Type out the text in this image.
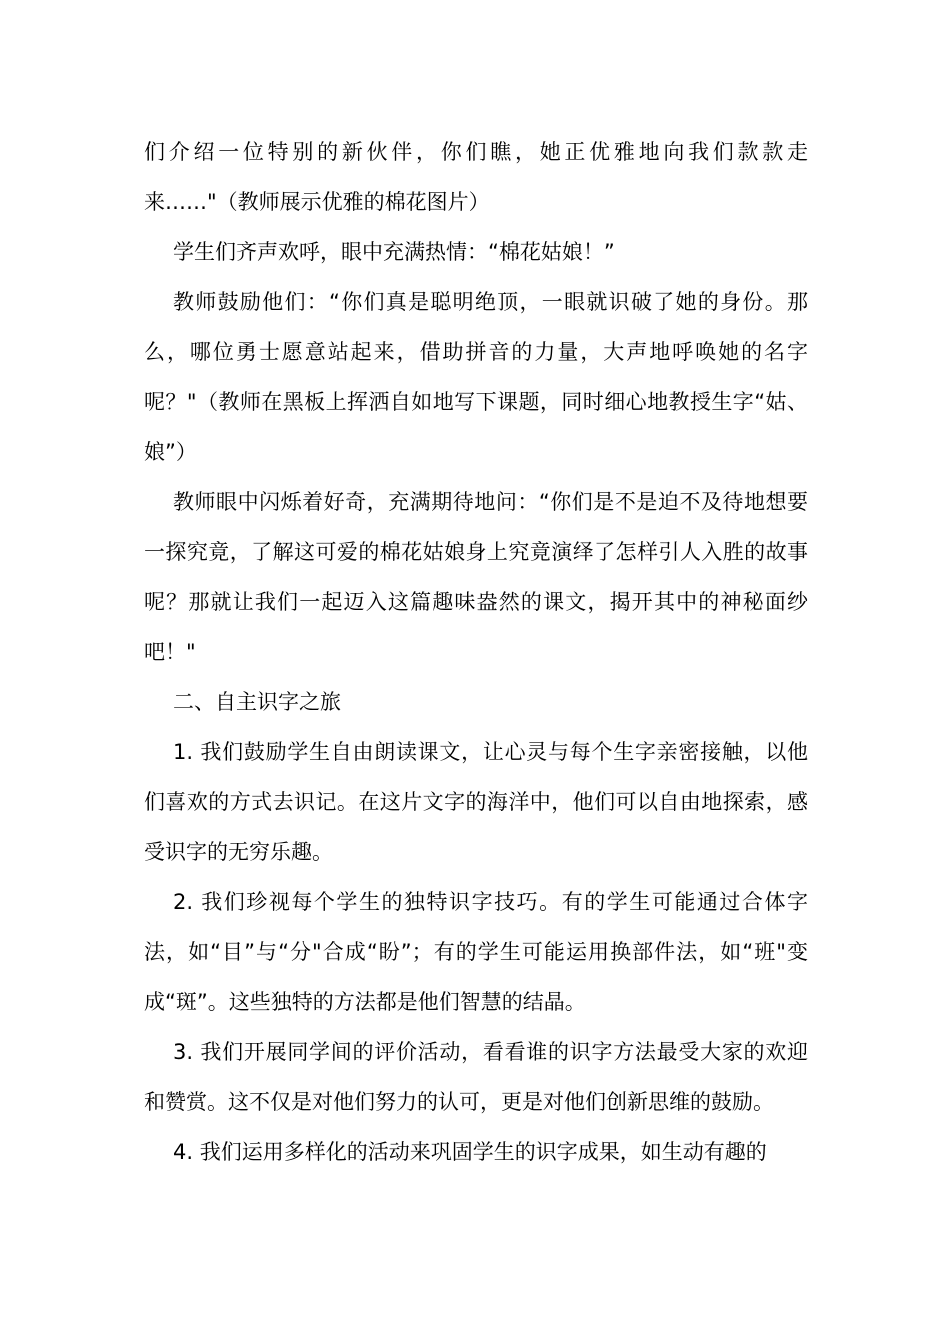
们介绍一位特别的新伙伴，你们瞧，她正优雅地向我们款款走来……"（教师展示优雅的棉花图片）

学生们齐声欢呼，眼中充满热情：“棉花姑娘！”

教师鼓励他们：“你们真是聪明绝顶，一眼就识破了她的身份。那么，哪位勇士愿意站起来，借助拼音的力量，大声地呼唤她的名字呢？"（教师在黑板上挥洒自如地写下课题，同时细心地教授生字“姑、娘”）

教师眼中闪烁着好奇，充满期待地问：“你们是不是迫不及待地想要一探究竟，了解这可爱的棉花姑娘身上究竟演绎了怎样引人入胜的故事呢？那就让我们一起迈入这篇趣味盎然的课文，揭开其中的神秘面纱吧！"

二、自主识字之旅

1. 我们鼓励学生自由朗读课文，让心灵与每个生字亲密接触，以他们喜欢的方式去识记。在这片文字的海洋中，他们可以自由地探索，感受识字的无穷乐趣。

2. 我们珍视每个学生的独特识字技巧。有的学生可能通过合体字法，如“目”与“分"合成“盼”；有的学生可能运用换部件法，如“班"变成“斑”。这些独特的方法都是他们智慧的结晶。

3. 我们开展同学间的评价活动，看看谁的识字方法最受大家的欢迎和赞赏。这不仅是对他们努力的认可，更是对他们创新思维的鼓励。

4. 我们运用多样化的活动来巩固学生的识字成果，如生动有趣的
